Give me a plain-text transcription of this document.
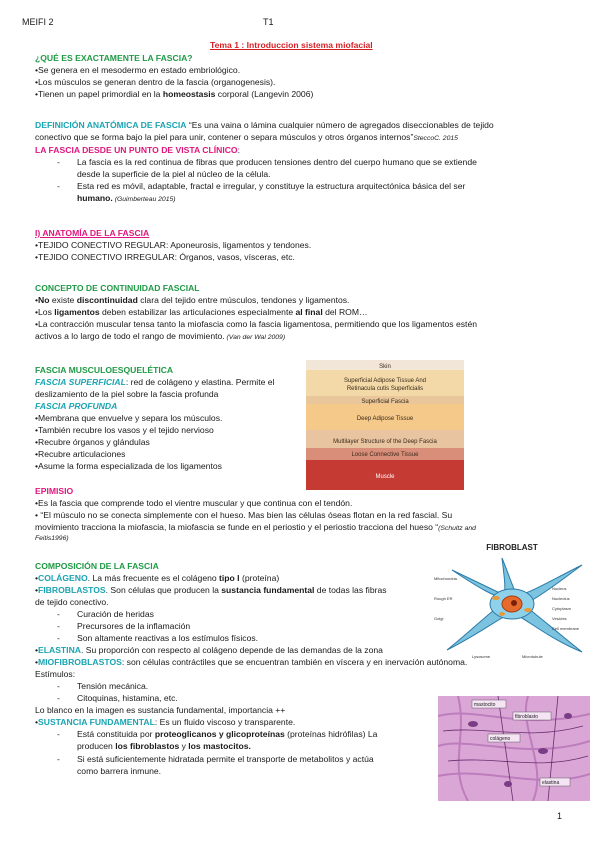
MEIFI 2	T1
Tema 1 : Introduccion sistema miofacial

¿QUÉ ES EXACTAMENTE LA FASCIA?

•Se genera en el mesodermo en estado embriológico.

•Los músculos se generan dentro de la fascia (organogenesis).

•Tienen un papel primordial en la homeostasis corporal (Langevin 2006)

DEFINICIÓN ANATÓMICA DE FASCIA “Es una vaina o lámina cualquier número de agregados diseccionables de tejido

conectivo que se forma bajo la piel para unir, contener o separa músculos y otros órganos internos”SteccoC. 2015

LA FASCIA DESDE UN PUNTO DE VISTA CLÍNICO:

- La fascia es la red continua de fibras que producen tensiones dentro del cuerpo humano que se extiende
desde la superficie de la piel al núcleo de la célula.
- Esta red es móvil, adaptable, fractal e irregular, y constituye la estructura arquitectónica básica del ser
humano. (Guimberteau 2015)

I) ANATOMÍA DE LA FASCIA

•TEJIDO CONECTIVO REGULAR: Aponeurosis, ligamentos y tendones.

•TEJIDO CONECTIVO IRREGULAR: Órganos, vasos, vísceras, etc.

CONCEPTO DE CONTINUIDAD FASCIAL

•No existe discontinuidad clara del tejido entre músculos, tendones y ligamentos.

•Los ligamentos deben estabilizar las articulaciones especialmente al final del ROM…

•La contracción muscular tensa tanto la miofascia como la fascia ligamentosa, permitiendo que los ligamentos estén

activos a lo largo de todo el rango de movimiento. (Van der Wal 2009)

FASCIA MUSCULOESQUELÉTICA

FASCIA SUPERFICIAL: red de colágeno y elastina. Permite el

deslizamiento de la piel sobre la fascia profunda

FASCIA PROFUNDA

•Membrana que envuelve y separa los músculos.

•También recubre los vasos y el tejido nervioso

•Recubre órganos y glándulas

•Recubre articulaciones

•Asume la forma especializada de los ligamentos

EPIMISIO

•Es la fascia que comprende todo el vientre muscular y que continua con el tendón.

• “El músculo no se conecta simplemente con el hueso. Mas bien las células óseas flotan en la red fascial. Su

movimiento tracciona la miofascia, la miofascia se funde en el periostio y el periostio tracciona del hueso “(Schultz and

Feitis1996)

Skin
Superficial Adipose Tissue And
Retinacula cutis Superficialis
Superficial Fascia
Deep Adipose Tissue
Multilayer Structure of the Deep Fascia
Loose Connective Tissue
Muscle

COMPOSICIÓN DE LA FASCIA

•COLÁGENO. La más frecuente es el colágeno tipo I (proteína)

•FIBROBLASTOS. Son células que producen la sustancia fundamental de todas las fibras

de tejido conectivo.

- Curación de heridas
- Precursores de la inflamación
- Son altamente reactivas a los estímulos físicos.

•ELASTINA. Su proporción con respecto al colágeno depende de las demandas de la zona

•MIOFIBROBLASTOS: son células contráctiles que se encuentran también en víscera y en inervación autónoma.

Estímulos:

- Tensión mecánica.
- Citoquinas, histamina, etc.

Lo blanco en la imagen es sustancia fundamental, importancia ++

•SUSTANCIA FUNDAMENTAL: Es un fluido viscoso y transparente.

- Está constituida por proteoglicanos y glicoproteínas (proteínas hidrófilas) La
producen los fibroblastos y los mastocitos.
- Si está suficientemente hidratada permite el transporte de metabolitos y actúa
como barrera inmune.
FIBROBLAST
Mitochondria
Rough ER
Golgi
Nucleus
Nucleolus
Cytoplasm
Vesicles
Cell membrane
Lysosome	Microtubule
mastocito
fibroblasto
colágeno
elastina
1
